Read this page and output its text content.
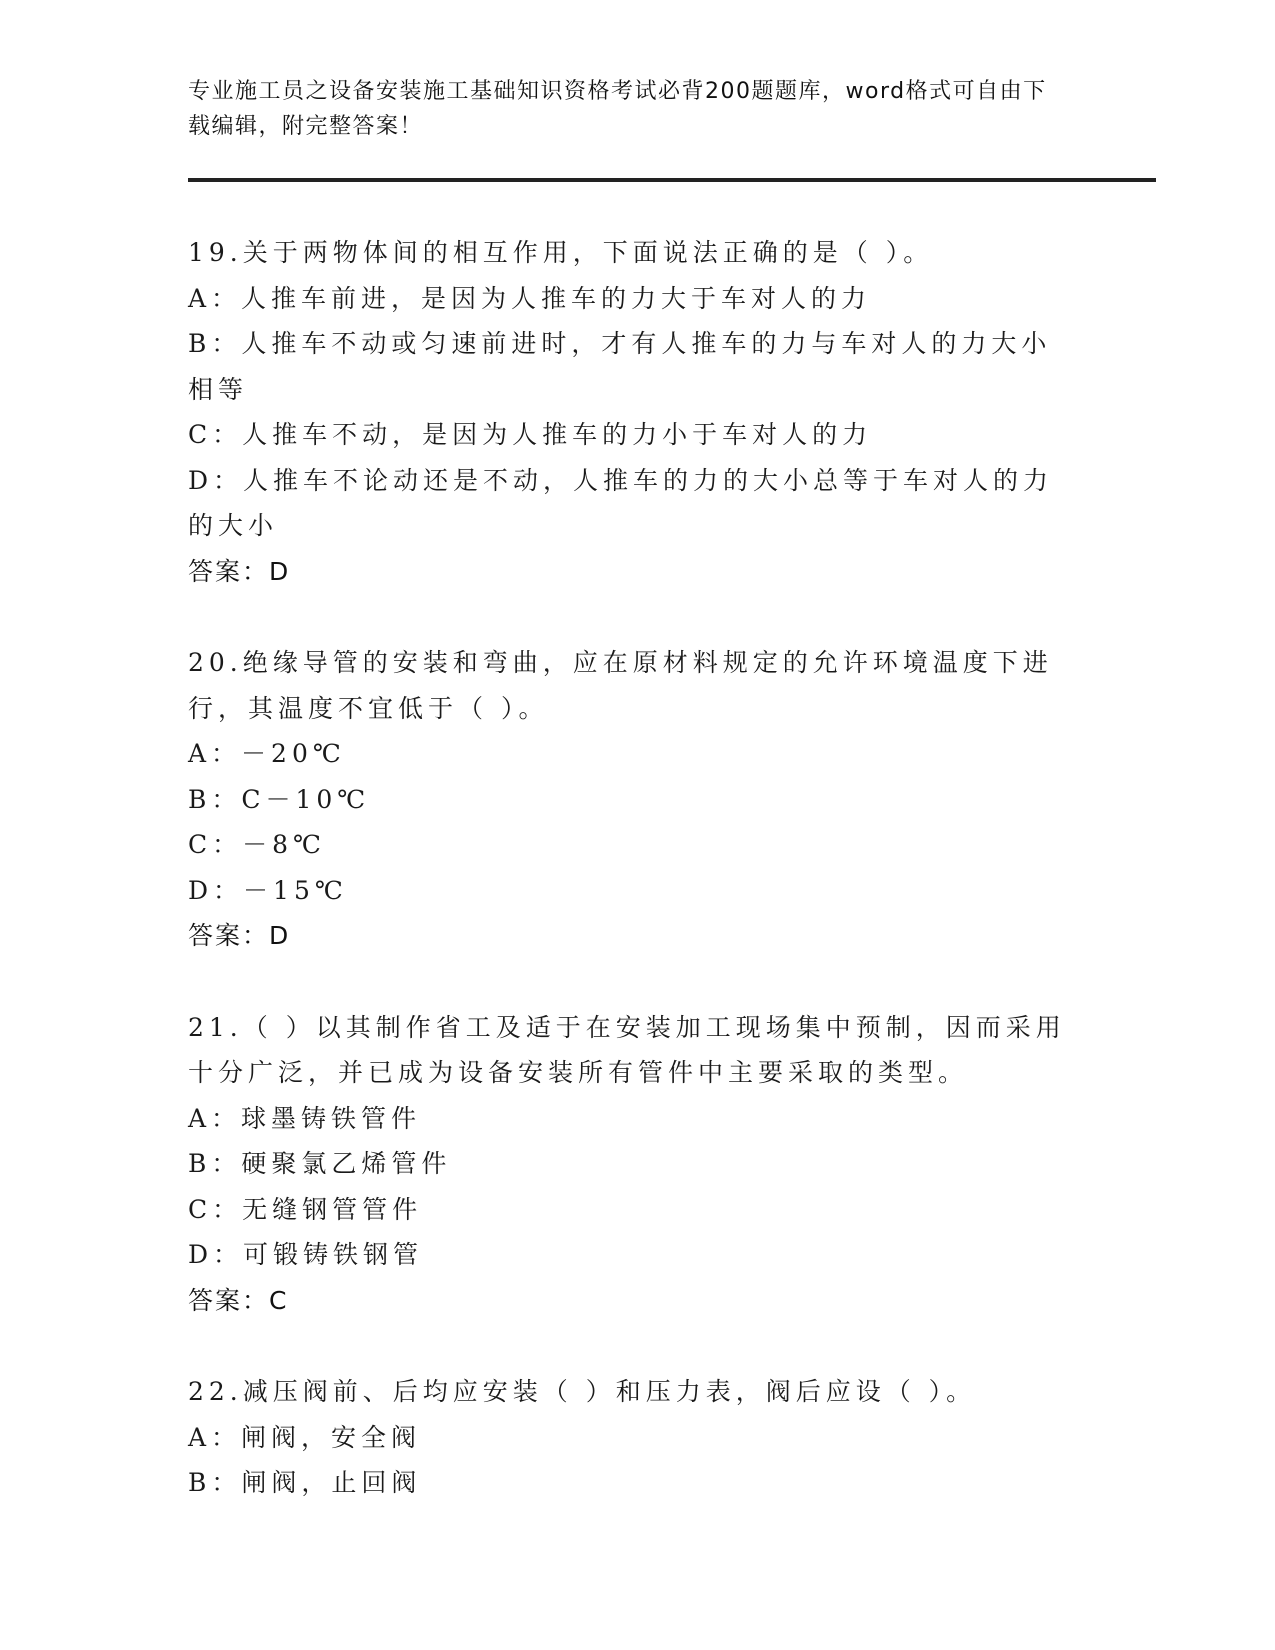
专业施工员之设备安装施工基础知识资格考试必背200题题库，word格式可自由下载编辑，附完整答案！
19.关于两物体间的相互作用，下面说法正确的是（ ）。
A：人推车前进，是因为人推车的力大于车对人的力
B：人推车不动或匀速前进时，才有人推车的力与车对人的力大小相等
C：人推车不动，是因为人推车的力小于车对人的力
D：人推车不论动还是不动，人推车的力的大小总等于车对人的力的大小
答案：D
20.绝缘导管的安装和弯曲，应在原材料规定的允许环境温度下进行，其温度不宜低于（ ）。
A：－20℃
B：C－10℃
C：－8℃
D：－15℃
答案：D
21.（ ）以其制作省工及适于在安装加工现场集中预制，因而采用十分广泛，并已成为设备安装所有管件中主要采取的类型。
A：球墨铸铁管件
B：硬聚氯乙烯管件
C：无缝钢管管件
D：可锻铸铁钢管
答案：C
22.减压阀前、后均应安装（ ）和压力表，阀后应设（ ）。
A：闸阀，安全阀
B：闸阀，止回阀
